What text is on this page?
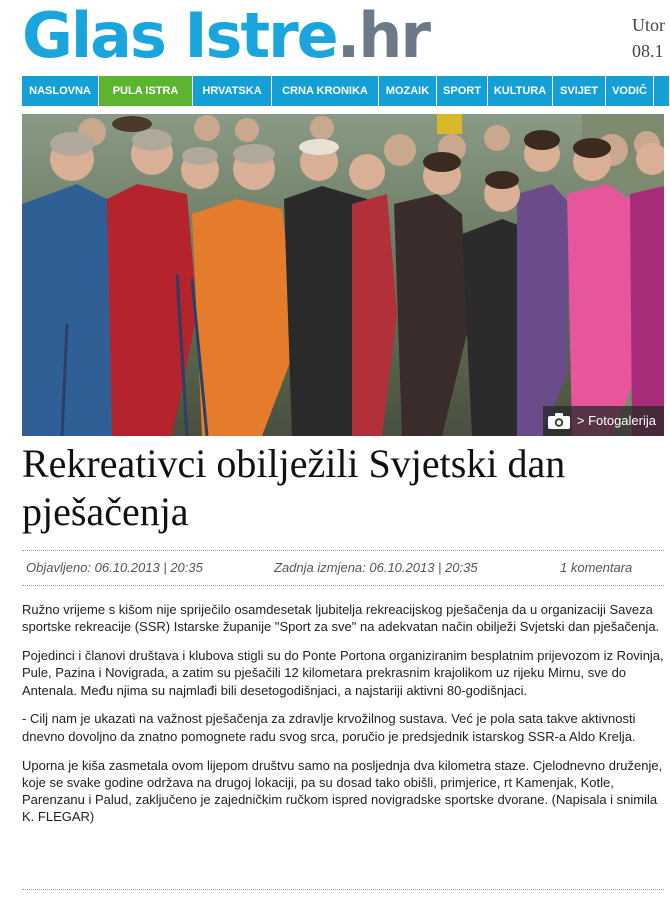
Glas Istre.hr	Utor
08.1
NASLOVNA	PULA ISTRA	HRVATSKA	CRNA KRONIKA	MOZAIK	SPORT	KULTURA	SVIJET	VODIČ
> Fotogalerija
Rekreativci obilježili Svjetski dan pješačenja
Objavljeno: 06.10.2013 | 20:35	Zadnja izmjena: 06.10.2013 | 20:35	1 komentara

Ružno vrijeme s kišom nije spriječilo osamdesetak ljubitelja rekreacijskog pješačenja da u organizaciji Saveza sportske rekreacije (SSR) Istarske županije "Sport za sve" na adekvatan način obilježi Svjetski dan pješačenja.

Pojedinci i članovi društava i klubova stigli su do Ponte Portona organiziranim besplatnim prijevozom iz Rovinja, Pule, Pazina i Novigrada, a zatim su pješačili 12 kilometara prekrasnim krajolikom uz rijeku Mirnu, sve do Antenala. Među njima su najmlađi bili desetogodišnjaci, a najstariji aktivni 80-godišnjaci.

- Cilj nam je ukazati na važnost pješačenja za zdravlje krvožilnog sustava. Već je pola sata takve aktivnosti dnevno dovoljno da znatno pomognete radu svog srca, poručio je predsjednik istarskog SSR-a Aldo Krelja.

Uporna je kiša zasmetala ovom lijepom društvu samo na posljednja dva kilometra staze. Cjelodnevno druženje, koje se svake godine održava na drugoj lokaciji, pa su dosad tako obišli, primjerice, rt Kamenjak, Kotle, Parenzanu i Palud, zaključeno je zajedničkim ručkom ispred novigradske sportske dvorane. (Napisala i snimila K. FLEGAR)
